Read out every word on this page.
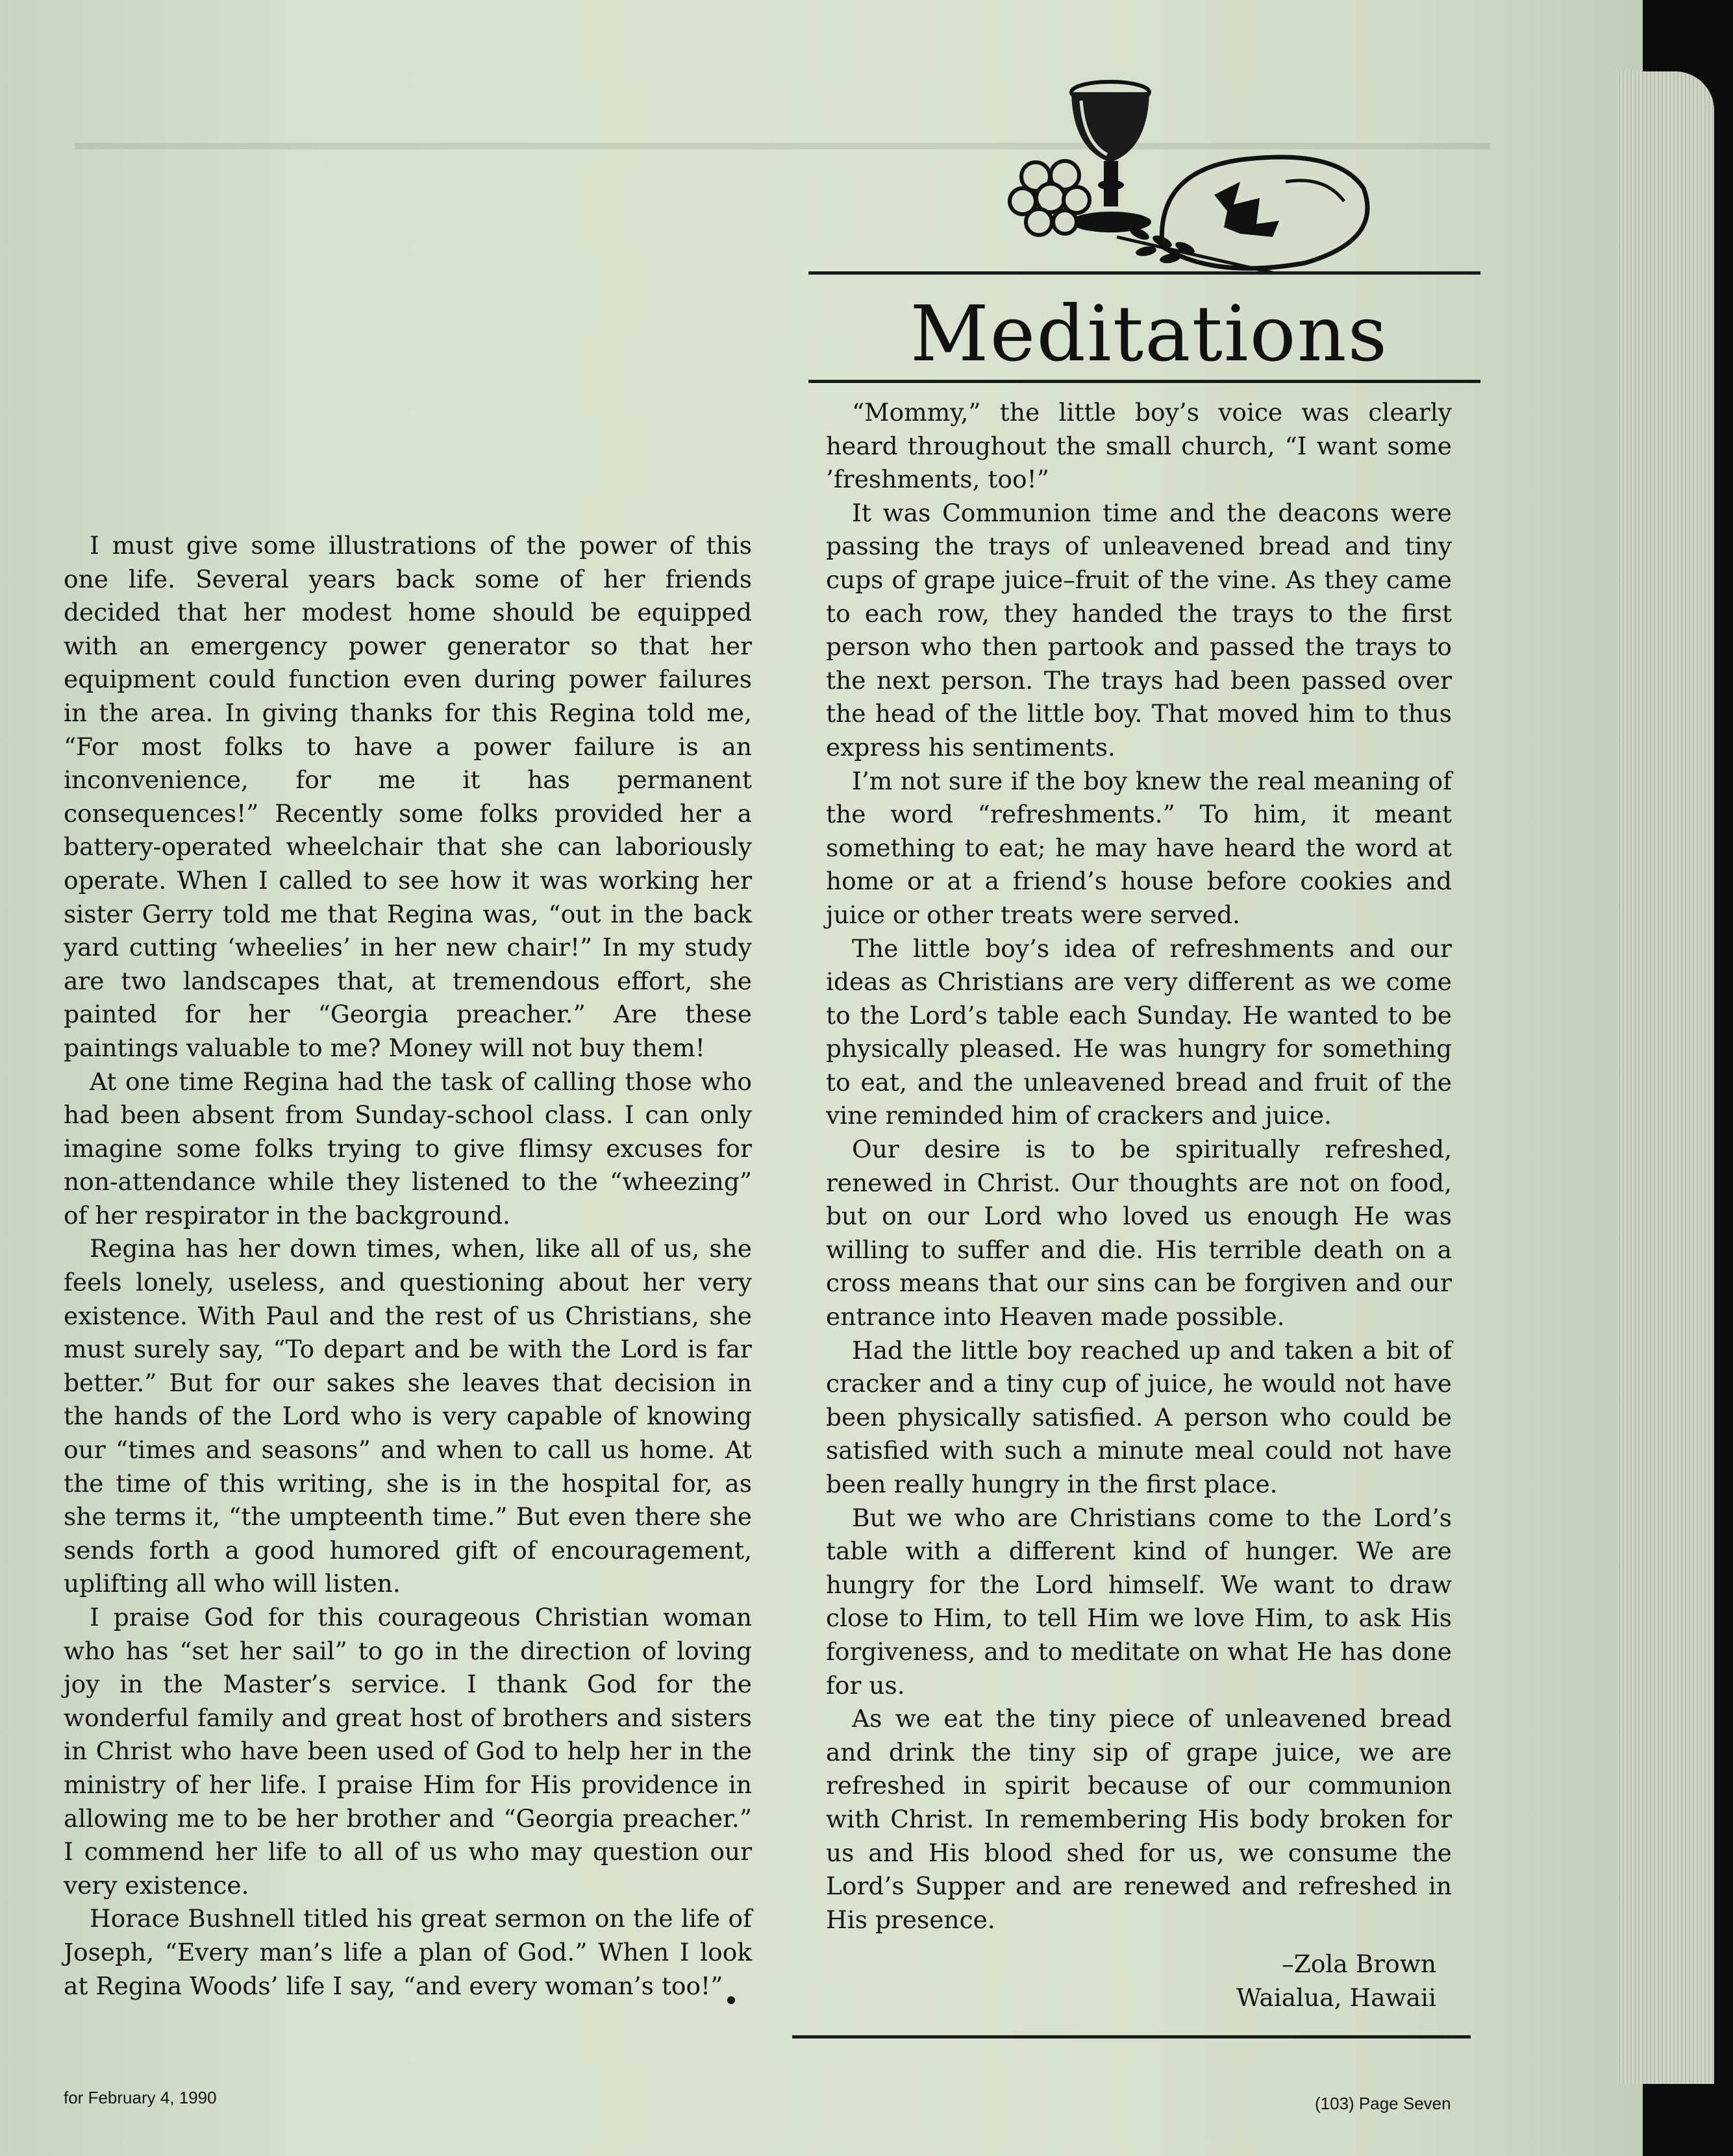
Meditations

I must give some illustrations of the power of this one life. Several years back some of her friends decided that her modest home should be equipped with an emergency power generator so that her equipment could function even during power failures in the area. In giving thanks for this Regina told me, “For most folks to have a power failure is an inconvenience, for me it has permanent consequences!” Recently some folks provided her a battery-operated wheelchair that she can laboriously operate. When I called to see how it was working her sister Gerry told me that Regina was, “out in the back yard cutting ‘wheelies’ in her new chair!” In my study are two landscapes that, at tremendous effort, she painted for her “Georgia preacher.” Are these paintings valuable to me? Money will not buy them!

At one time Regina had the task of calling those who had been absent from Sunday-school class. I can only imagine some folks trying to give flimsy excuses for non-attendance while they listened to the “wheezing” of her respirator in the background.

Regina has her down times, when, like all of us, she feels lonely, useless, and questioning about her very existence. With Paul and the rest of us Christians, she must surely say, “To depart and be with the Lord is far better.” But for our sakes she leaves that decision in the hands of the Lord who is very capable of knowing our “times and seasons” and when to call us home. At the time of this writing, she is in the hospital for, as she terms it, “the umpteenth time.” But even there she sends forth a good humored gift of encouragement, uplifting all who will listen.

I praise God for this courageous Christian woman who has “set her sail” to go in the direction of loving joy in the Master’s service. I thank God for the wonderful family and great host of brothers and sisters in Christ who have been used of God to help her in the ministry of her life. I praise Him for His providence in allowing me to be her brother and “Georgia preacher.” I commend her life to all of us who may question our very existence.

Horace Bushnell titled his great sermon on the life of Joseph, “Every man’s life a plan of God.” When I look at Regina Woods’ life I say, “and every woman’s too!”

“Mommy,” the little boy’s voice was clearly heard throughout the small church, “I want some ’freshments, too!”

It was Communion time and the deacons were passing the trays of unleavened bread and tiny cups of grape juice–fruit of the vine. As they came to each row, they handed the trays to the first person who then partook and passed the trays to the next person. The trays had been passed over the head of the little boy. That moved him to thus express his sentiments.

I’m not sure if the boy knew the real meaning of the word “refreshments.” To him, it meant something to eat; he may have heard the word at home or at a friend’s house before cookies and juice or other treats were served.

The little boy’s idea of refreshments and our ideas as Christians are very different as we come to the Lord’s table each Sunday. He wanted to be physically pleased. He was hungry for something to eat, and the unleavened bread and fruit of the vine reminded him of crackers and juice.

Our desire is to be spiritually refreshed, renewed in Christ. Our thoughts are not on food, but on our Lord who loved us enough He was willing to suffer and die. His terrible death on a cross means that our sins can be forgiven and our entrance into Heaven made possible.

Had the little boy reached up and taken a bit of cracker and a tiny cup of juice, he would not have been physically satisfied. A person who could be satisfied with such a minute meal could not have been really hungry in the first place.

But we who are Christians come to the Lord’s table with a different kind of hunger. We are hungry for the Lord himself. We want to draw close to Him, to tell Him we love Him, to ask His forgiveness, and to meditate on what He has done for us.

As we eat the tiny piece of unleavened bread and drink the tiny sip of grape juice, we are refreshed in spirit because of our communion with Christ. In remembering His body broken for us and His blood shed for us, we consume the Lord’s Supper and are renewed and refreshed in His presence.

–Zola Brown
Waialua, Hawaii
for February 4, 1990	(103) Page Seven
